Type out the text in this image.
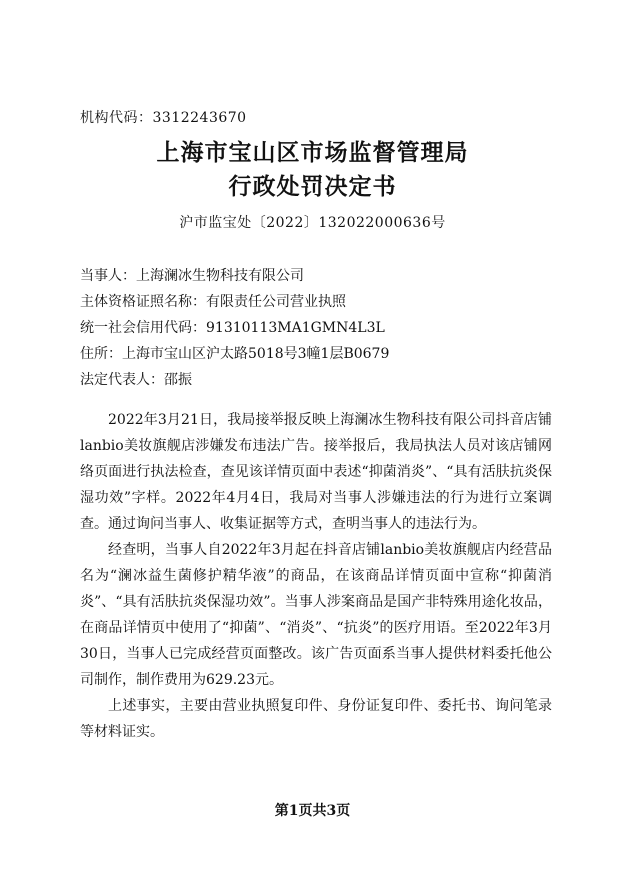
机构代码：3312243670
上海市宝山区市场监督管理局
行政处罚决定书
沪市监宝处〔2022〕132022000636号
当事人：上海澜冰生物科技有限公司
主体资格证照名称：有限责任公司营业执照
统一社会信用代码：91310113MA1GMN4L3L
住所：上海市宝山区沪太路5018号3幢1层B0679
法定代表人：邵振

2022年3月21日，我局接举报反映上海澜冰生物科技有限公司抖音店铺lanbio美妆旗舰店涉嫌发布违法广告。接举报后，我局执法人员对该店铺网络页面进行执法检查，查见该详情页面中表述“抑菌消炎”、“具有活肤抗炎保湿功效”字样。2022年4月4日，我局对当事人涉嫌违法的行为进行立案调查。通过询问当事人、收集证据等方式，查明当事人的违法行为。

经查明，当事人自2022年3月起在抖音店铺lanbio美妆旗舰店内经营品名为“澜冰益生菌修护精华液”的商品，在该商品详情页面中宣称“抑菌消炎”、“具有活肤抗炎保湿功效”。当事人涉案商品是国产非特殊用途化妆品，在商品详情页中使用了“抑菌”、“消炎”、“抗炎”的医疗用语。至2022年3月30日，当事人已完成经营页面整改。该广告页面系当事人提供材料委托他公司制作，制作费用为629.23元。

上述事实，主要由营业执照复印件、身份证复印件、委托书、询问笔录等材料证实。

第1页共3页
